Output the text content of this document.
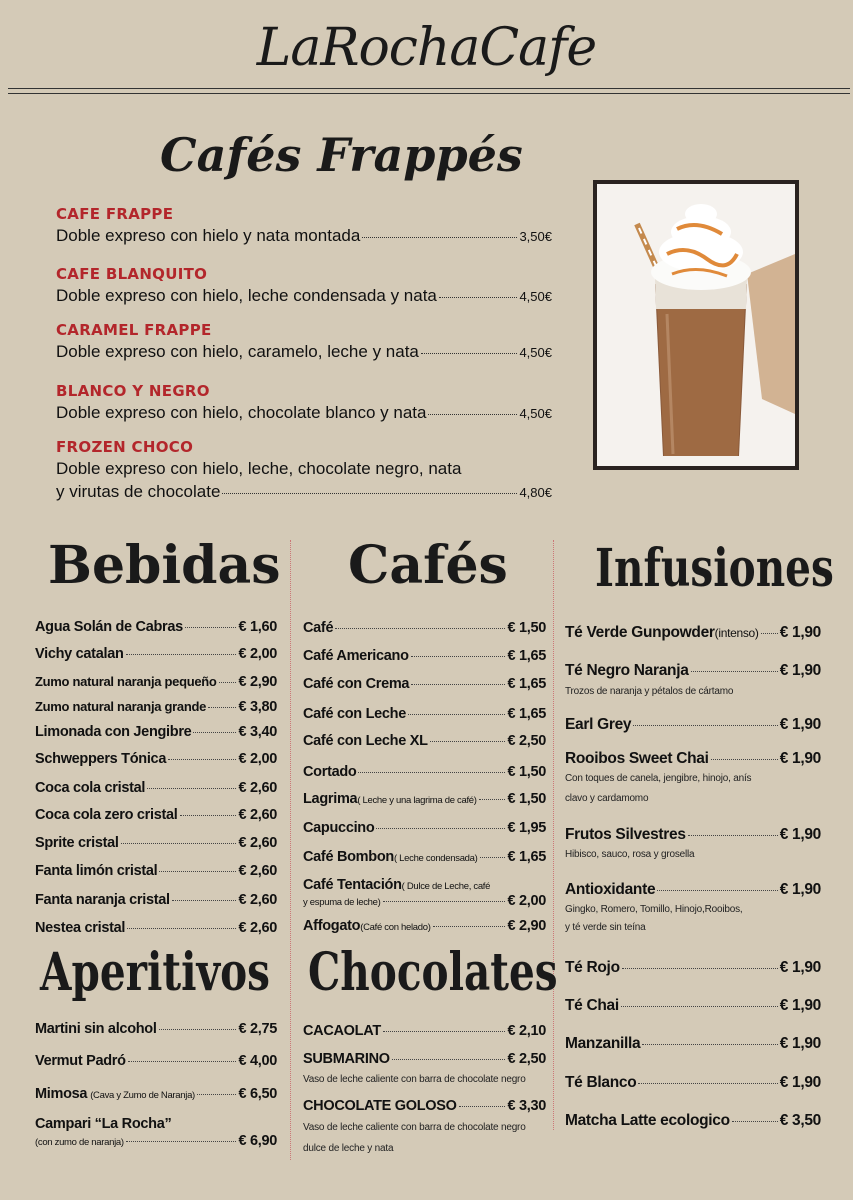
LaRochaCafe
Cafés Frappés
CAFE FRAPPE
Doble expreso con hielo y nata montada	3,50€
CAFE BLANQUITO
Doble expreso con hielo, leche condensada y nata	4,50€
CARAMEL FRAPPE
Doble expreso con hielo, caramelo, leche y nata	4,50€
BLANCO Y NEGRO
Doble expreso con hielo, chocolate blanco y nata	4,50€
FROZEN CHOCO
Doble expreso con hielo, leche, chocolate negro, nata
y virutas de chocolate	4,80€
Bebidas Cafés Infusiones
Aperitivos Chocolates
Agua Solán de Cabras	€ 1,60
Vichy catalan	€ 2,00
Zumo natural naranja pequeño € 2,90
Zumo natural naranja grande € 3,80
Limonada con Jengibre	€ 3,40
Schweppers Tónica	€ 2,00
Coca cola cristal	€ 2,60
Coca cola zero cristal	€ 2,60
Sprite cristal	€ 2,60
Fanta limón cristal	€ 2,60
Fanta naranja cristal	€ 2,60
Nestea cristal	€ 2,60
Martini sin alcohol	€ 2,75
Vermut Padró	€ 4,00
Mimosa (Cava y Zumo de Naranja)	€ 6,50
Campari “La Rocha”
(con zumo de naranja)	€ 6,90
Café	€ 1,50
Café Americano	€ 1,65
Café con Crema	€ 1,65
Café con Leche	€ 1,65
Café con Leche XL	€ 2,50
Cortado	€ 1,50
Lagrima ( Leche y una lagrima de café) € 1,50
Capuccino	€ 1,95
Café Bombon ( Leche condensada) € 1,65
Café Tentación ( Dulce de Leche, café
y espuma de leche)	€ 2,00
Affogato (Café con helado)	€ 2,90
CACAOLAT	€ 2,10
SUBMARINO	€ 2,50
Vaso de leche caliente con barra de chocolate negro
CHOCOLATE GOLOSO	€ 3,30
Vaso de leche caliente con barra de chocolate negro
dulce de leche y nata
Té Verde Gunpowder (intenso) € 1,90
Té Negro Naranja	€ 1,90
Trozos de naranja y pétalos de cártamo
Earl Grey	€ 1,90
Rooibos Sweet Chai	€ 1,90
Con toques de canela, jengibre, hinojo, anís
clavo y cardamomo
Frutos Silvestres	€ 1,90
Hibisco, sauco, rosa y grosella
Antioxidante	€ 1,90
Gingko, Romero, Tomillo, Hinojo,Rooibos,
y té verde sin teína
Té Rojo	€ 1,90
Té Chai	€ 1,90
Manzanilla	€ 1,90
Té Blanco	€ 1,90
Matcha Latte ecologico	€ 3,50
